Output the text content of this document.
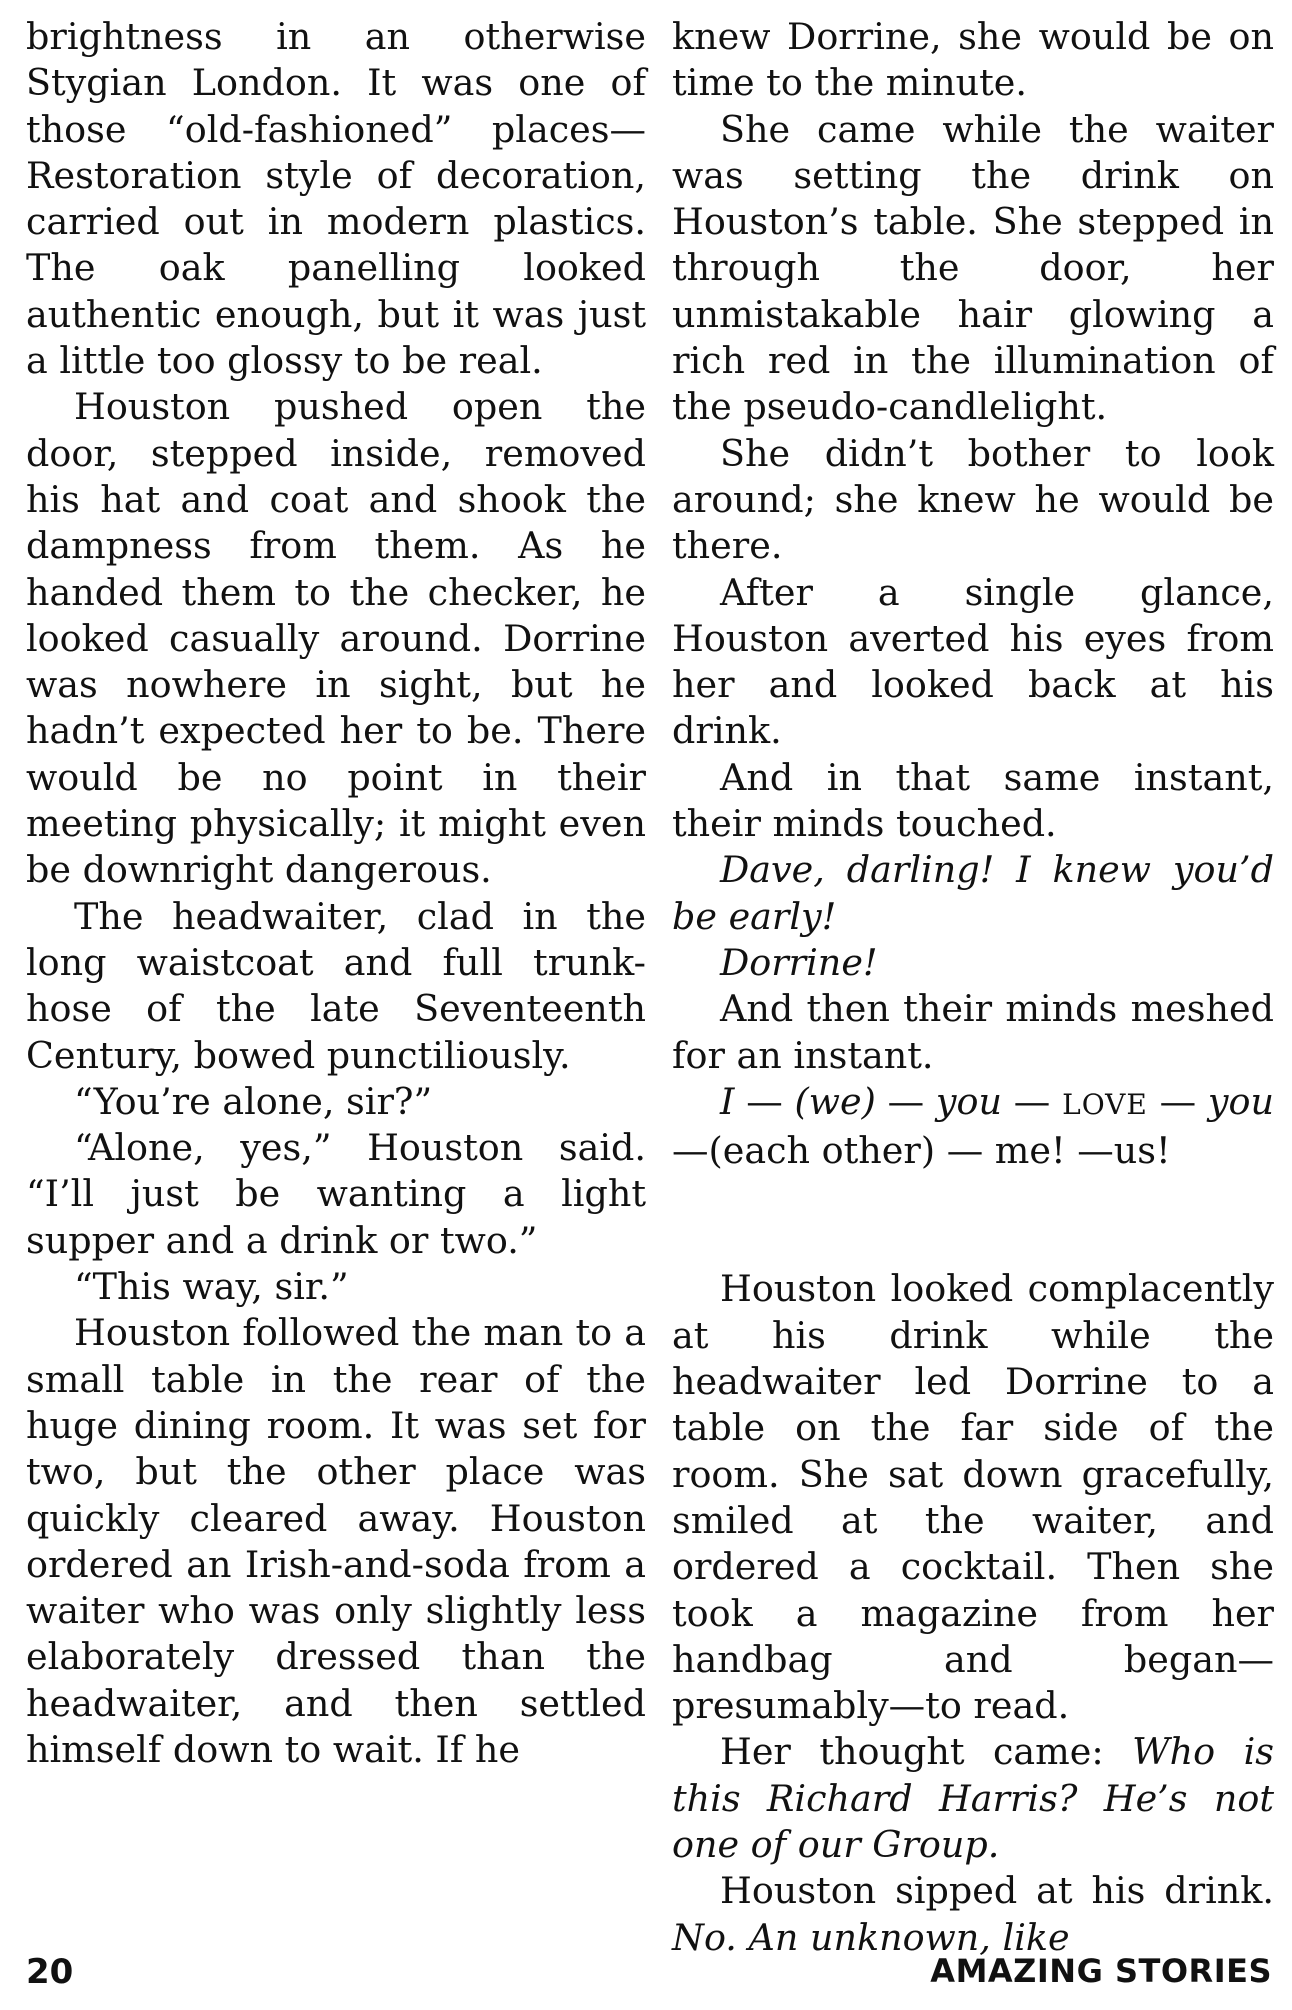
brightness in an otherwise Stygian London. It was one of those “old-fashioned” places—Restoration style of decoration, carried out in modern plastics. The oak panelling looked authentic enough, but it was just a little too glossy to be real.

Houston pushed open the door, stepped inside, removed his hat and coat and shook the dampness from them. As he handed them to the checker, he looked casually around. Dorrine was nowhere in sight, but he hadn’t expected her to be. There would be no point in their meeting physically; it might even be downright dangerous.

The headwaiter, clad in the long waistcoat and full trunk-hose of the late Seventeenth Century, bowed punctiliously.

“You’re alone, sir?”

“Alone, yes,” Houston said. “I’ll just be wanting a light supper and a drink or two.”

“This way, sir.”

Houston followed the man to a small table in the rear of the huge dining room. It was set for two, but the other place was quickly cleared away. Houston ordered an Irish-and-soda from a waiter who was only slightly less elaborately dressed than the headwaiter, and then settled himself down to wait. If he

knew Dorrine, she would be on time to the minute.

She came while the waiter was setting the drink on Houston’s table. She stepped in through the door, her unmistakable hair glowing a rich red in the illumination of the pseudo-candlelight.

She didn’t bother to look around; she knew he would be there.

After a single glance, Houston averted his eyes from her and looked back at his drink.

And in that same instant, their minds touched.

Dave, darling! I knew you’d be early!

Dorrine!

And then their minds meshed for an instant.

I — (we) — you — LOVE — you—(each other) — me! —us!

Houston looked complacently at his drink while the headwaiter led Dorrine to a table on the far side of the room. She sat down gracefully, smiled at the waiter, and ordered a cocktail. Then she took a magazine from her handbag and began—presumably—to read.

Her thought came: Who is this Richard Harris? He’s not one of our Group.

Houston sipped at his drink. No. An unknown, like

20	AMAZING STORIES
